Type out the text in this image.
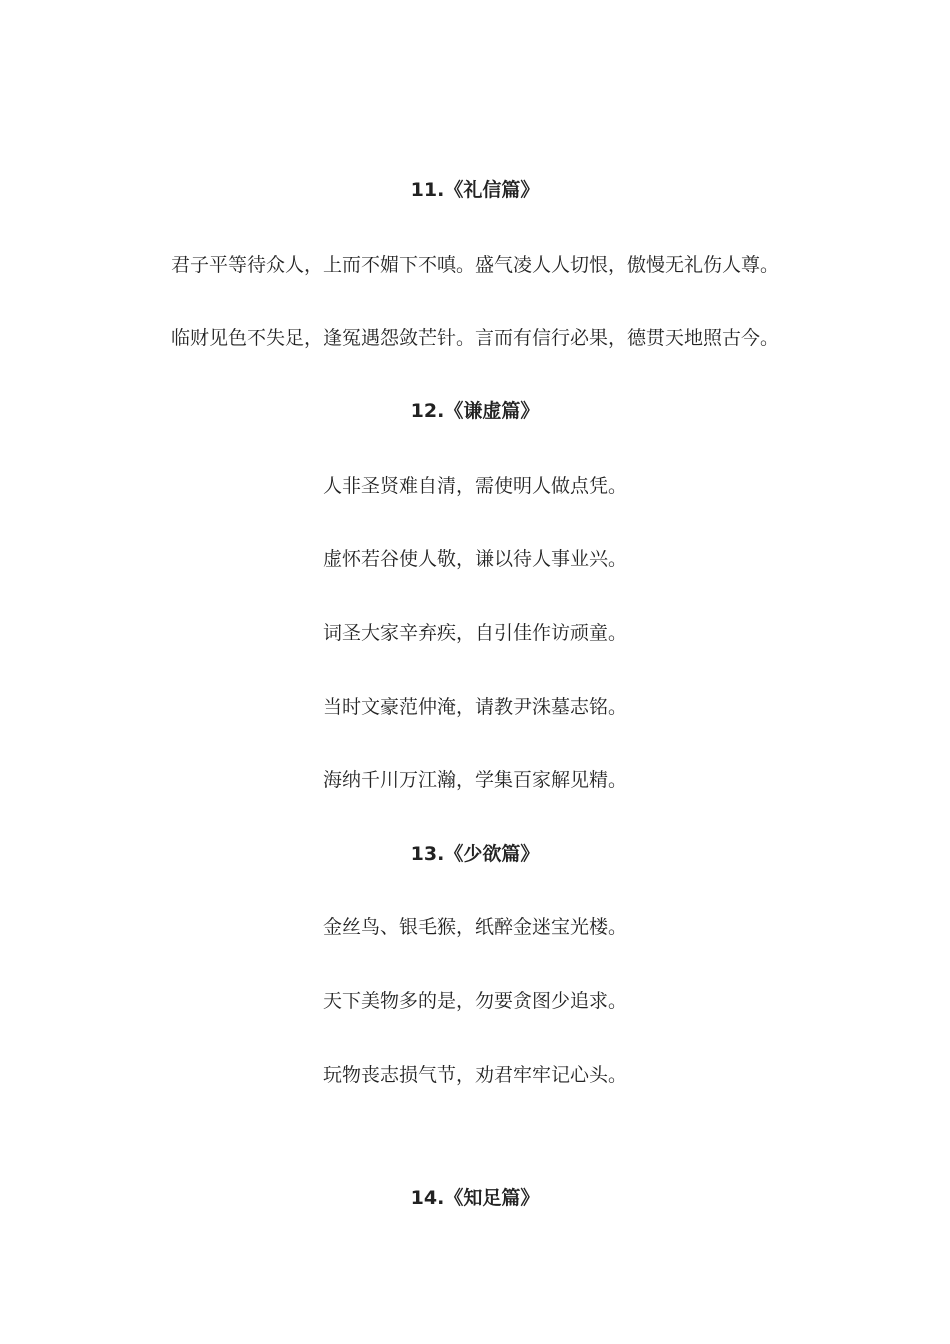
11.《礼信篇》

君子平等待众人，上而不媚下不嗔。盛气凌人人切恨，傲慢无礼伤人尊。

临财见色不失足，逢冤遇怨敛芒针。言而有信行必果，德贯天地照古今。

12.《谦虚篇》

人非圣贤难自清，需使明人做点凭。

虚怀若谷使人敬，谦以待人事业兴。

词圣大家辛弃疾，自引佳作访顽童。

当时文豪范仲淹，请教尹洙墓志铭。

海纳千川万江瀚，学集百家解见精。

13.《少欲篇》

金丝鸟、银毛猴，纸醉金迷宝光楼。

天下美物多的是，勿要贪图少追求。

玩物丧志损气节，劝君牢牢记心头。

14.《知足篇》
